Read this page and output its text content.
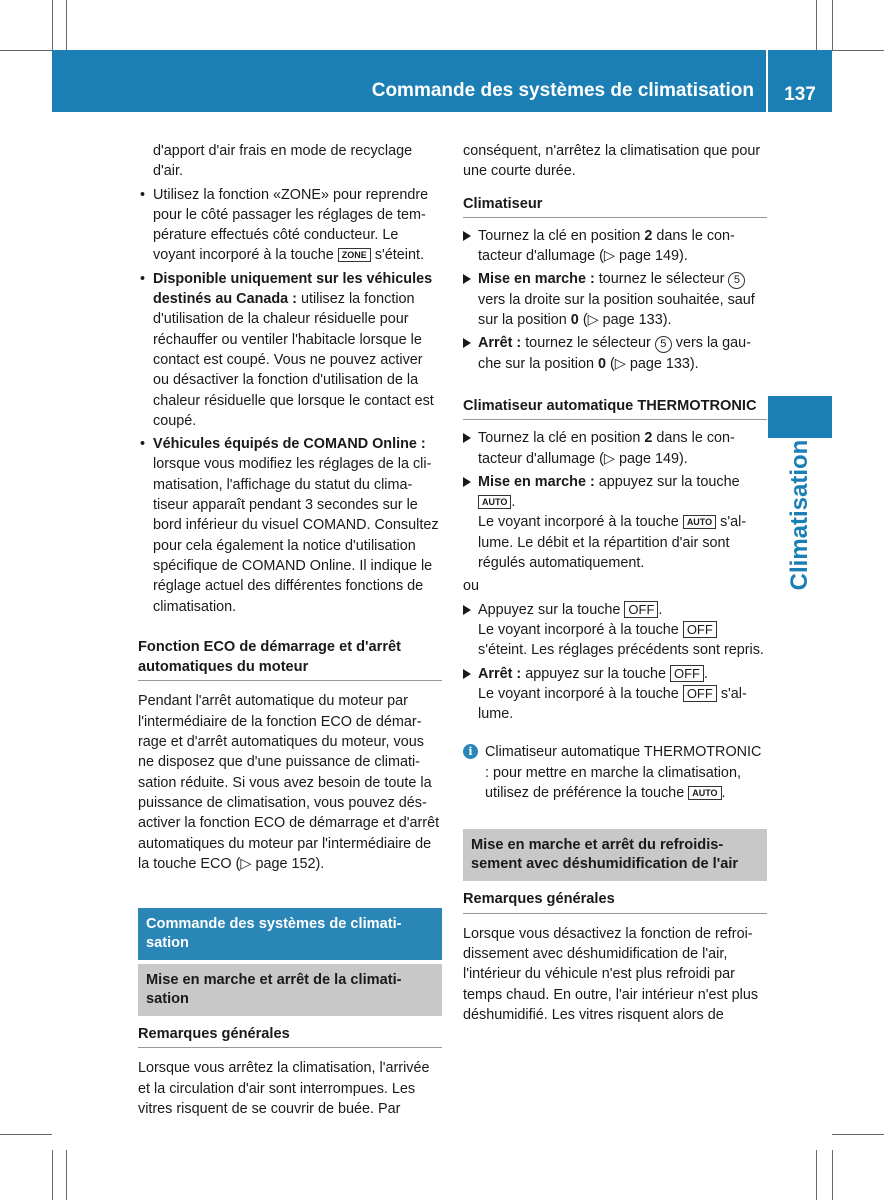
Commande des systèmes de climatisation	137
Climatisation

d'apport d'air frais en mode de recyclage d'air.

• Utilisez la fonction «ZONE» pour reprendre pour le côté passager les réglages de température effectués côté conducteur. Le voyant incorporé à la touche ZONE s'éteint.
• Disponible uniquement sur les véhicules destinés au Canada : utilisez la fonction d'utilisation de la chaleur résiduelle pour réchauffer ou ventiler l'habitacle lorsque le contact est coupé. Vous ne pouvez activer ou désactiver la fonction d'utilisation de la chaleur résiduelle que lorsque le contact est coupé.
• Véhicules équipés de COMAND Online : lorsque vous modifiez les réglages de la climatisation, l'affichage du statut du climatiseur apparaît pendant 3 secondes sur le bord inférieur du visuel COMAND. Consultez pour cela également la notice d'utilisation spécifique de COMAND Online. Il indique le réglage actuel des différentes fonctions de climatisation.
Fonction ECO de démarrage et d'arrêt automatiques du moteur

Pendant l'arrêt automatique du moteur par l'intermédiaire de la fonction ECO de démarrage et d'arrêt automatiques du moteur, vous ne disposez que d'une puissance de climatisation réduite. Si vous avez besoin de toute la puissance de climatisation, vous pouvez désactiver la fonction ECO de démarrage et d'arrêt automatiques du moteur par l'intermédiaire de la touche ECO (▷ page 152).

Commande des systèmes de climatisation
Mise en marche et arrêt de la climatisation
Remarques générales

Lorsque vous arrêtez la climatisation, l'arrivée et la circulation d'air sont interrompues. Les vitres risquent de se couvrir de buée. Par

conséquent, n'arrêtez la climatisation que pour une courte durée.

Climatiseur
Tournez la clé en position 2 dans le contacteur d'allumage (▷ page 149).
Mise en marche : tournez le sélecteur 5 vers la droite sur la position souhaitée, sauf sur la position 0 (▷ page 133).
Arrêt : tournez le sélecteur 5 vers la gauche sur la position 0 (▷ page 133).
Climatiseur automatique THERMOTRONIC
Tournez la clé en position 2 dans le contacteur d'allumage (▷ page 149).
Mise en marche : appuyez sur la touche
AUTO .
Le voyant incorporé à la touche AUTO s'allume. Le débit et la répartition d'air sont régulés automatiquement.

ou

Appuyez sur la touche OFF .
Le voyant incorporé à la touche OFF s'éteint. Les réglages précédents sont repris.
Arrêt : appuyez sur la touche OFF .
Le voyant incorporé à la touche OFF s'allume.
i Climatiseur automatique THERMOTRONIC : pour mettre en marche la climatisation, utilisez de préférence la touche AUTO .
Mise en marche et arrêt du refroidissement avec déshumidification de l'air
Remarques générales

Lorsque vous désactivez la fonction de refroidissement avec déshumidification de l'air, l'intérieur du véhicule n'est plus refroidi par temps chaud. En outre, l'air intérieur n'est plus déshumidifié. Les vitres risquent alors de
